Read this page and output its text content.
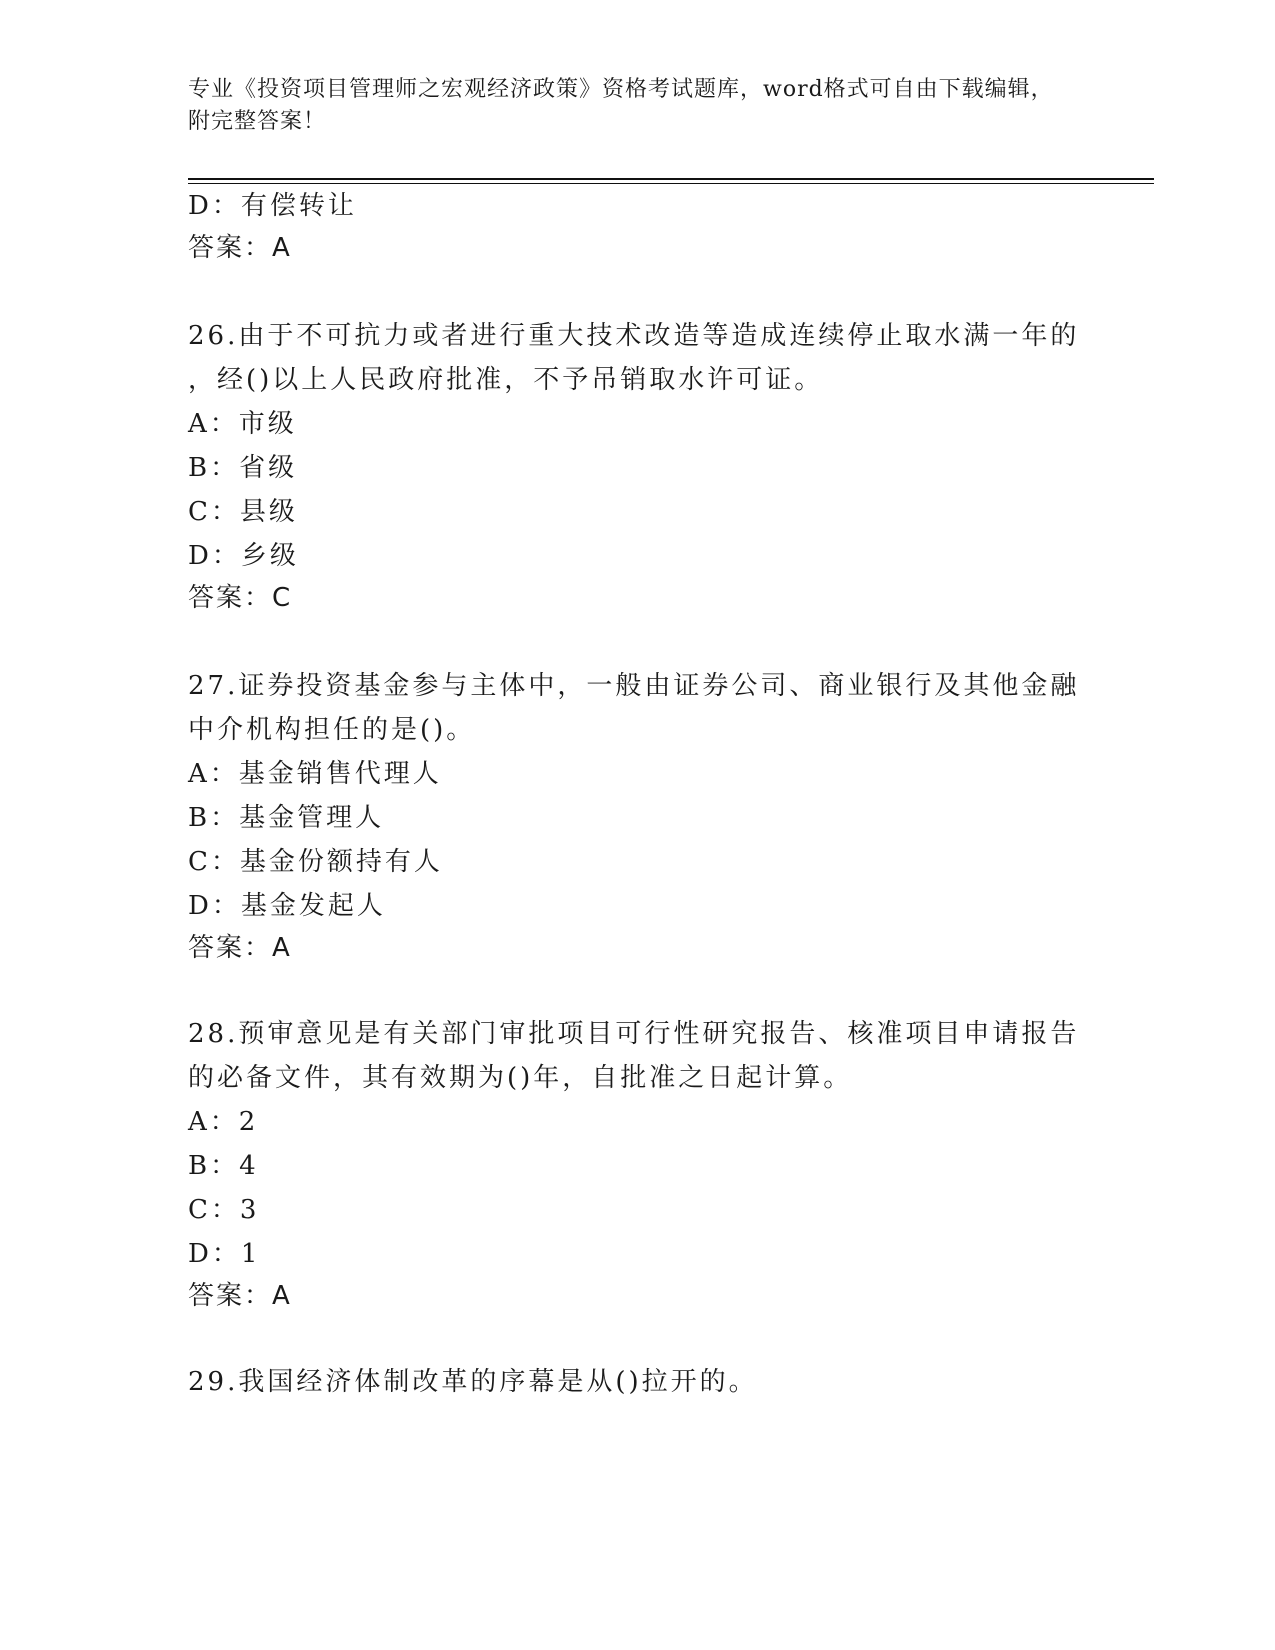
专业《投资项目管理师之宏观经济政策》资格考试题库，word格式可自由下载编辑，附完整答案！
D：有偿转让
答案：A
26.由于不可抗力或者进行重大技术改造等造成连续停止取水满一年的
，经()以上人民政府批准，不予吊销取水许可证。
A：市级
B：省级
C：县级
D：乡级
答案：C
27.证券投资基金参与主体中，一般由证券公司、商业银行及其他金融
中介机构担任的是()。
A：基金销售代理人
B：基金管理人
C：基金份额持有人
D：基金发起人
答案：A
28.预审意见是有关部门审批项目可行性研究报告、核准项目申请报告
的必备文件，其有效期为()年，自批准之日起计算。
A：2
B：4
C：3
D：1
答案：A
29.我国经济体制改革的序幕是从()拉开的。
